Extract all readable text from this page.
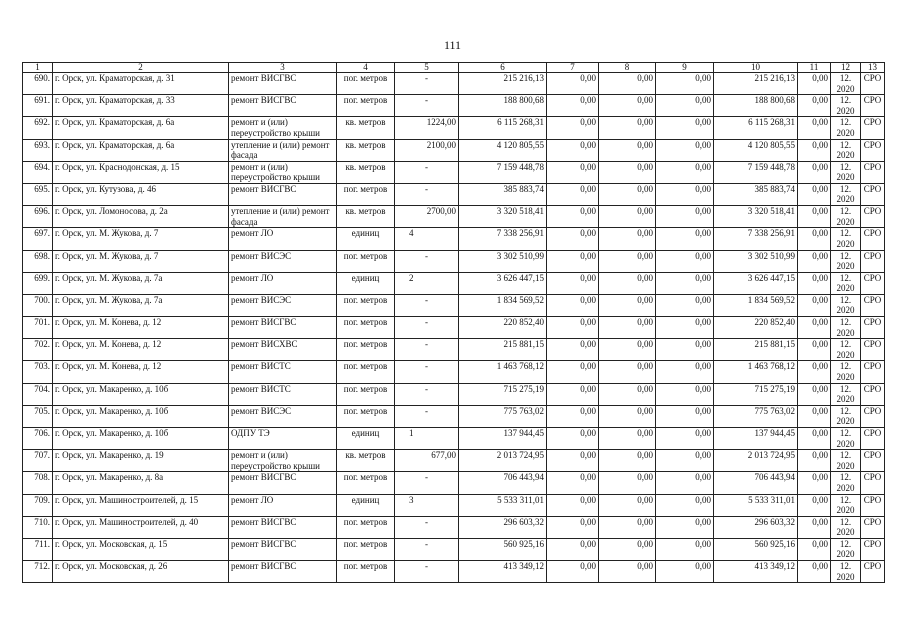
111
1	2	3	4	5	6	7	8	9	10	11	12	13
690.	г. Орск, ул. Краматорская, д. 31	ремонт ВИСГВС	пог. метров	-	215 216,13	0,00	0,00	0,00	215 216,13	0,00	12. 2020	СРО
691.	г. Орск, ул. Краматорская, д. 33	ремонт ВИСГВС	пог. метров	-	188 800,68	0,00	0,00	0,00	188 800,68	0,00	12. 2020	СРО
692.	г. Орск, ул. Краматорская, д. 6а	ремонт и (или) переустройство крыши	кв. метров	1224,00	6 115 268,31	0,00	0,00	0,00	6 115 268,31	0,00	12. 2020	СРО
693.	г. Орск, ул. Краматорская, д. 6а	утепление и (или) ремонт фасада	кв. метров	2100,00	4 120 805,55	0,00	0,00	0,00	4 120 805,55	0,00	12. 2020	СРО
694.	г. Орск, ул. Краснодонская, д. 15	ремонт и (или) переустройство крыши	кв. метров	-	7 159 448,78	0,00	0,00	0,00	7 159 448,78	0,00	12. 2020	СРО
695.	г. Орск, ул. Кутузова, д. 46	ремонт ВИСГВС	пог. метров	-	385 883,74	0,00	0,00	0,00	385 883,74	0,00	12. 2020	СРО
696.	г. Орск, ул. Ломоносова, д. 2а	утепление и (или) ремонт фасада	кв. метров	2700,00	3 320 518,41	0,00	0,00	0,00	3 320 518,41	0,00	12. 2020	СРО
697.	г. Орск, ул. М. Жукова, д. 7	ремонт ЛО	единиц	4	7 338 256,91	0,00	0,00	0,00	7 338 256,91	0,00	12. 2020	СРО
698.	г. Орск, ул. М. Жукова, д. 7	ремонт ВИСЭС	пог. метров	-	3 302 510,99	0,00	0,00	0,00	3 302 510,99	0,00	12. 2020	СРО
699.	г. Орск, ул. М. Жукова, д. 7а	ремонт ЛО	единиц	2	3 626 447,15	0,00	0,00	0,00	3 626 447,15	0,00	12. 2020	СРО
700.	г. Орск, ул. М. Жукова, д. 7а	ремонт ВИСЭС	пог. метров	-	1 834 569,52	0,00	0,00	0,00	1 834 569,52	0,00	12. 2020	СРО
701.	г. Орск, ул. М. Конева, д. 12	ремонт ВИСГВС	пог. метров	-	220 852,40	0,00	0,00	0,00	220 852,40	0,00	12. 2020	СРО
702.	г. Орск, ул. М. Конева, д. 12	ремонт ВИСХВС	пог. метров	-	215 881,15	0,00	0,00	0,00	215 881,15	0,00	12. 2020	СРО
703.	г. Орск, ул. М. Конева, д. 12	ремонт ВИСТС	пог. метров	-	1 463 768,12	0,00	0,00	0,00	1 463 768,12	0,00	12. 2020	СРО
704.	г. Орск, ул. Макаренко, д. 10б	ремонт ВИСТС	пог. метров	-	715 275,19	0,00	0,00	0,00	715 275,19	0,00	12. 2020	СРО
705.	г. Орск, ул. Макаренко, д. 10б	ремонт ВИСЭС	пог. метров	-	775 763,02	0,00	0,00	0,00	775 763,02	0,00	12. 2020	СРО
706.	г. Орск, ул. Макаренко, д. 10б	ОДПУ ТЭ	единиц	1	137 944,45	0,00	0,00	0,00	137 944,45	0,00	12. 2020	СРО
707.	г. Орск, ул. Макаренко, д. 19	ремонт и (или) переустройство крыши	кв. метров	677,00	2 013 724,95	0,00	0,00	0,00	2 013 724,95	0,00	12. 2020	СРО
708.	г. Орск, ул. Макаренко, д. 8а	ремонт ВИСГВС	пог. метров	-	706 443,94	0,00	0,00	0,00	706 443,94	0,00	12. 2020	СРО
709.	г. Орск, ул. Машиностроителей, д. 15	ремонт ЛО	единиц	3	5 533 311,01	0,00	0,00	0,00	5 533 311,01	0,00	12. 2020	СРО
710.	г. Орск, ул. Машиностроителей, д. 40	ремонт ВИСГВС	пог. метров	-	296 603,32	0,00	0,00	0,00	296 603,32	0,00	12. 2020	СРО
711.	г. Орск, ул. Московская, д. 15	ремонт ВИСГВС	пог. метров	-	560 925,16	0,00	0,00	0,00	560 925,16	0,00	12. 2020	СРО
712.	г. Орск, ул. Московская, д. 26	ремонт ВИСГВС	пог. метров	-	413 349,12	0,00	0,00	0,00	413 349,12	0,00	12. 2020	СРО
